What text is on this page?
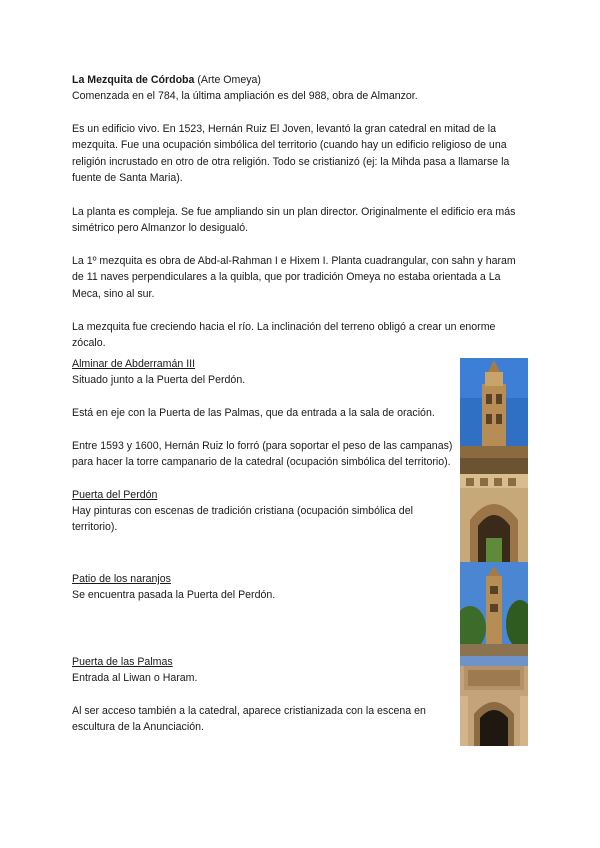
La Mezquita de Córdoba (Arte Omeya)
Comenzada en el 784, la última ampliación es del 988, obra de Almanzor.
Es un edificio vivo. En 1523, Hernán Ruiz El Joven, levantó la gran catedral en mitad de la mezquita. Fue una ocupación simbólica del territorio (cuando hay un edificio religioso de una religión incrustado en otro de otra religión. Todo se cristianizó (ej: la Mihda pasa a llamarse la fuente de Santa Maria).
La planta es compleja. Se fue ampliando sin un plan director. Originalmente el edificio era más simétrico pero Almanzor lo desigualó.
La 1º mezquita es obra de Abd-al-Rahman I e Hixem I. Planta cuadrangular, con sahn y haram de 11 naves perpendiculares a la quibla, que por tradición Omeya no estaba orientada a La Meca, sino al sur.
La mezquita fue creciendo hacia el río. La inclinación del terreno obligó a crear un enorme zócalo.
Alminar de Abderramán III
Situado junto a la Puerta del Perdón.
Está en eje con la Puerta de las Palmas, que da entrada a la sala de oración.
Entre 1593 y 1600, Hernán Ruiz lo forró (para soportar el peso de las campanas) para hacer la torre campanario de la catedral (ocupación simbólica del territorio).
Puerta del Perdón
Hay pinturas con escenas de tradición cristiana (ocupación simbólica del territorio).
Patio de los naranjos
Se encuentra pasada la Puerta del Perdón.
Puerta de las Palmas
Entrada al Liwan o Haram.
Al ser acceso también a la catedral, aparece cristianizada con la escena en escultura de la Anunciación.
